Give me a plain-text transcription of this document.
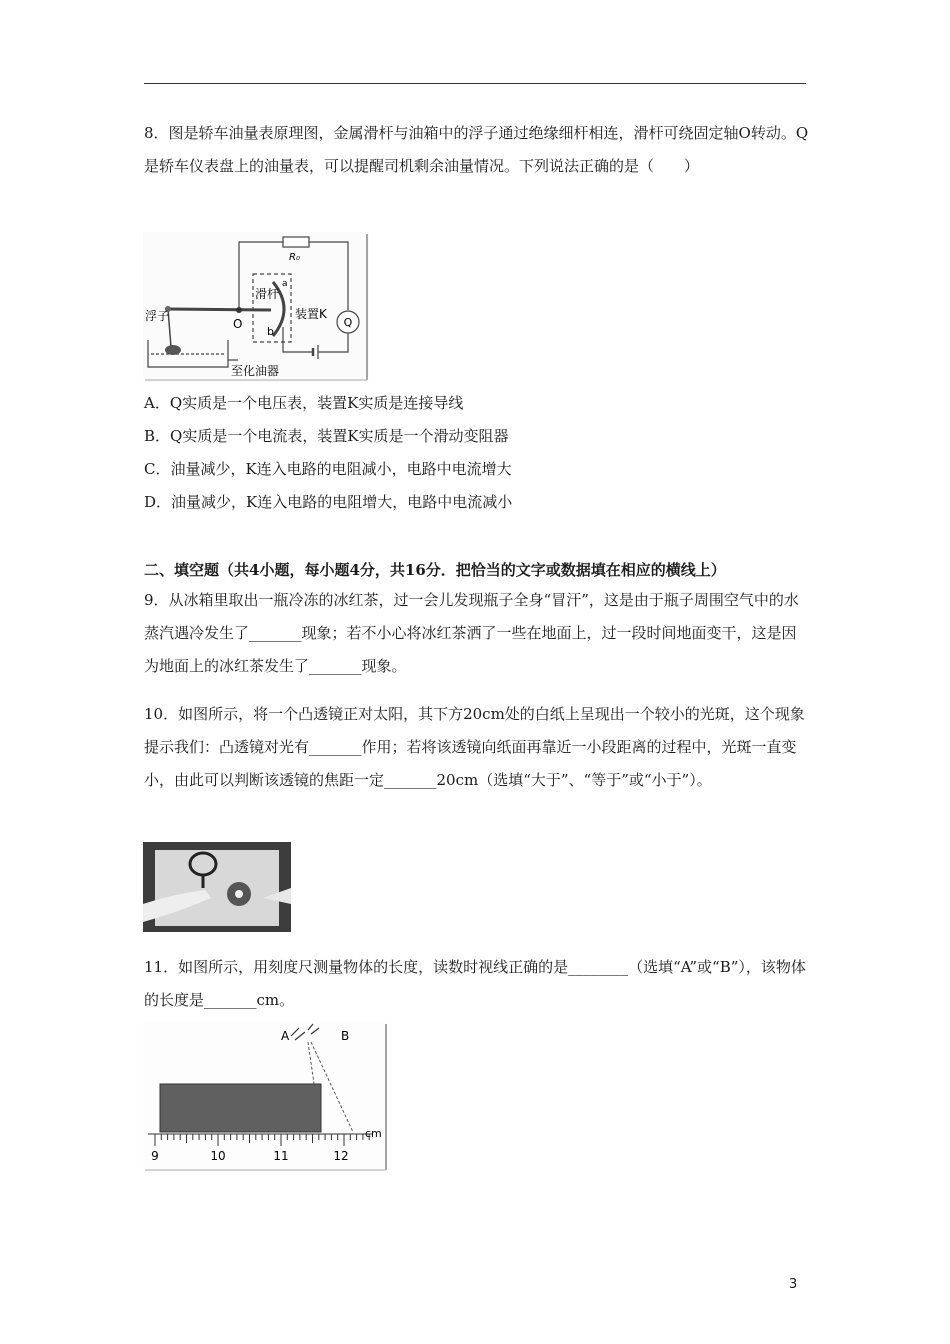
8．图是轿车油量表原理图，金属滑杆与油箱中的浮子通过绝缘细杆相连，滑杆可绕固定轴O转动。Q是轿车仪表盘上的油量表，可以提醒司机剩余油量情况。下列说法正确的是（　　）

R₀
Q
浮子
滑杆
O
装置K
a
b
至化油器

A．Q实质是一个电压表，装置K实质是连接导线

B．Q实质是一个电流表，装置K实质是一个滑动变阻器

C．油量减少，K连入电路的电阻减小，电路中电流增大

D．油量减少，K连入电路的电阻增大，电路中电流减小

二、填空题（共4小题，每小题4分，共16分．把恰当的文字或数据填在相应的横线上）

9．从冰箱里取出一瓶冷冻的冰红茶，过一会儿发现瓶子全身“冒汗”，这是由于瓶子周围空气中的水蒸汽遇冷发生了_______现象；若不小心将冰红茶洒了一些在地面上，过一段时间地面变干，这是因为地面上的冰红茶发生了_______现象。

10．如图所示，将一个凸透镜正对太阳，其下方20cm处的白纸上呈现出一个较小的光斑，这个现象提示我们：凸透镜对光有_______作用；若将该透镜向纸面再靠近一小段距离的过程中，光斑一直变小，由此可以判断该透镜的焦距一定_______20cm（选填“大于”、“等于”或“小于”）。

11．如图所示，用刻度尺测量物体的长度，读数时视线正确的是________（选填“A”或“B”），该物体的长度是_______cm。

A	B
cm
9	10	11	12
3
